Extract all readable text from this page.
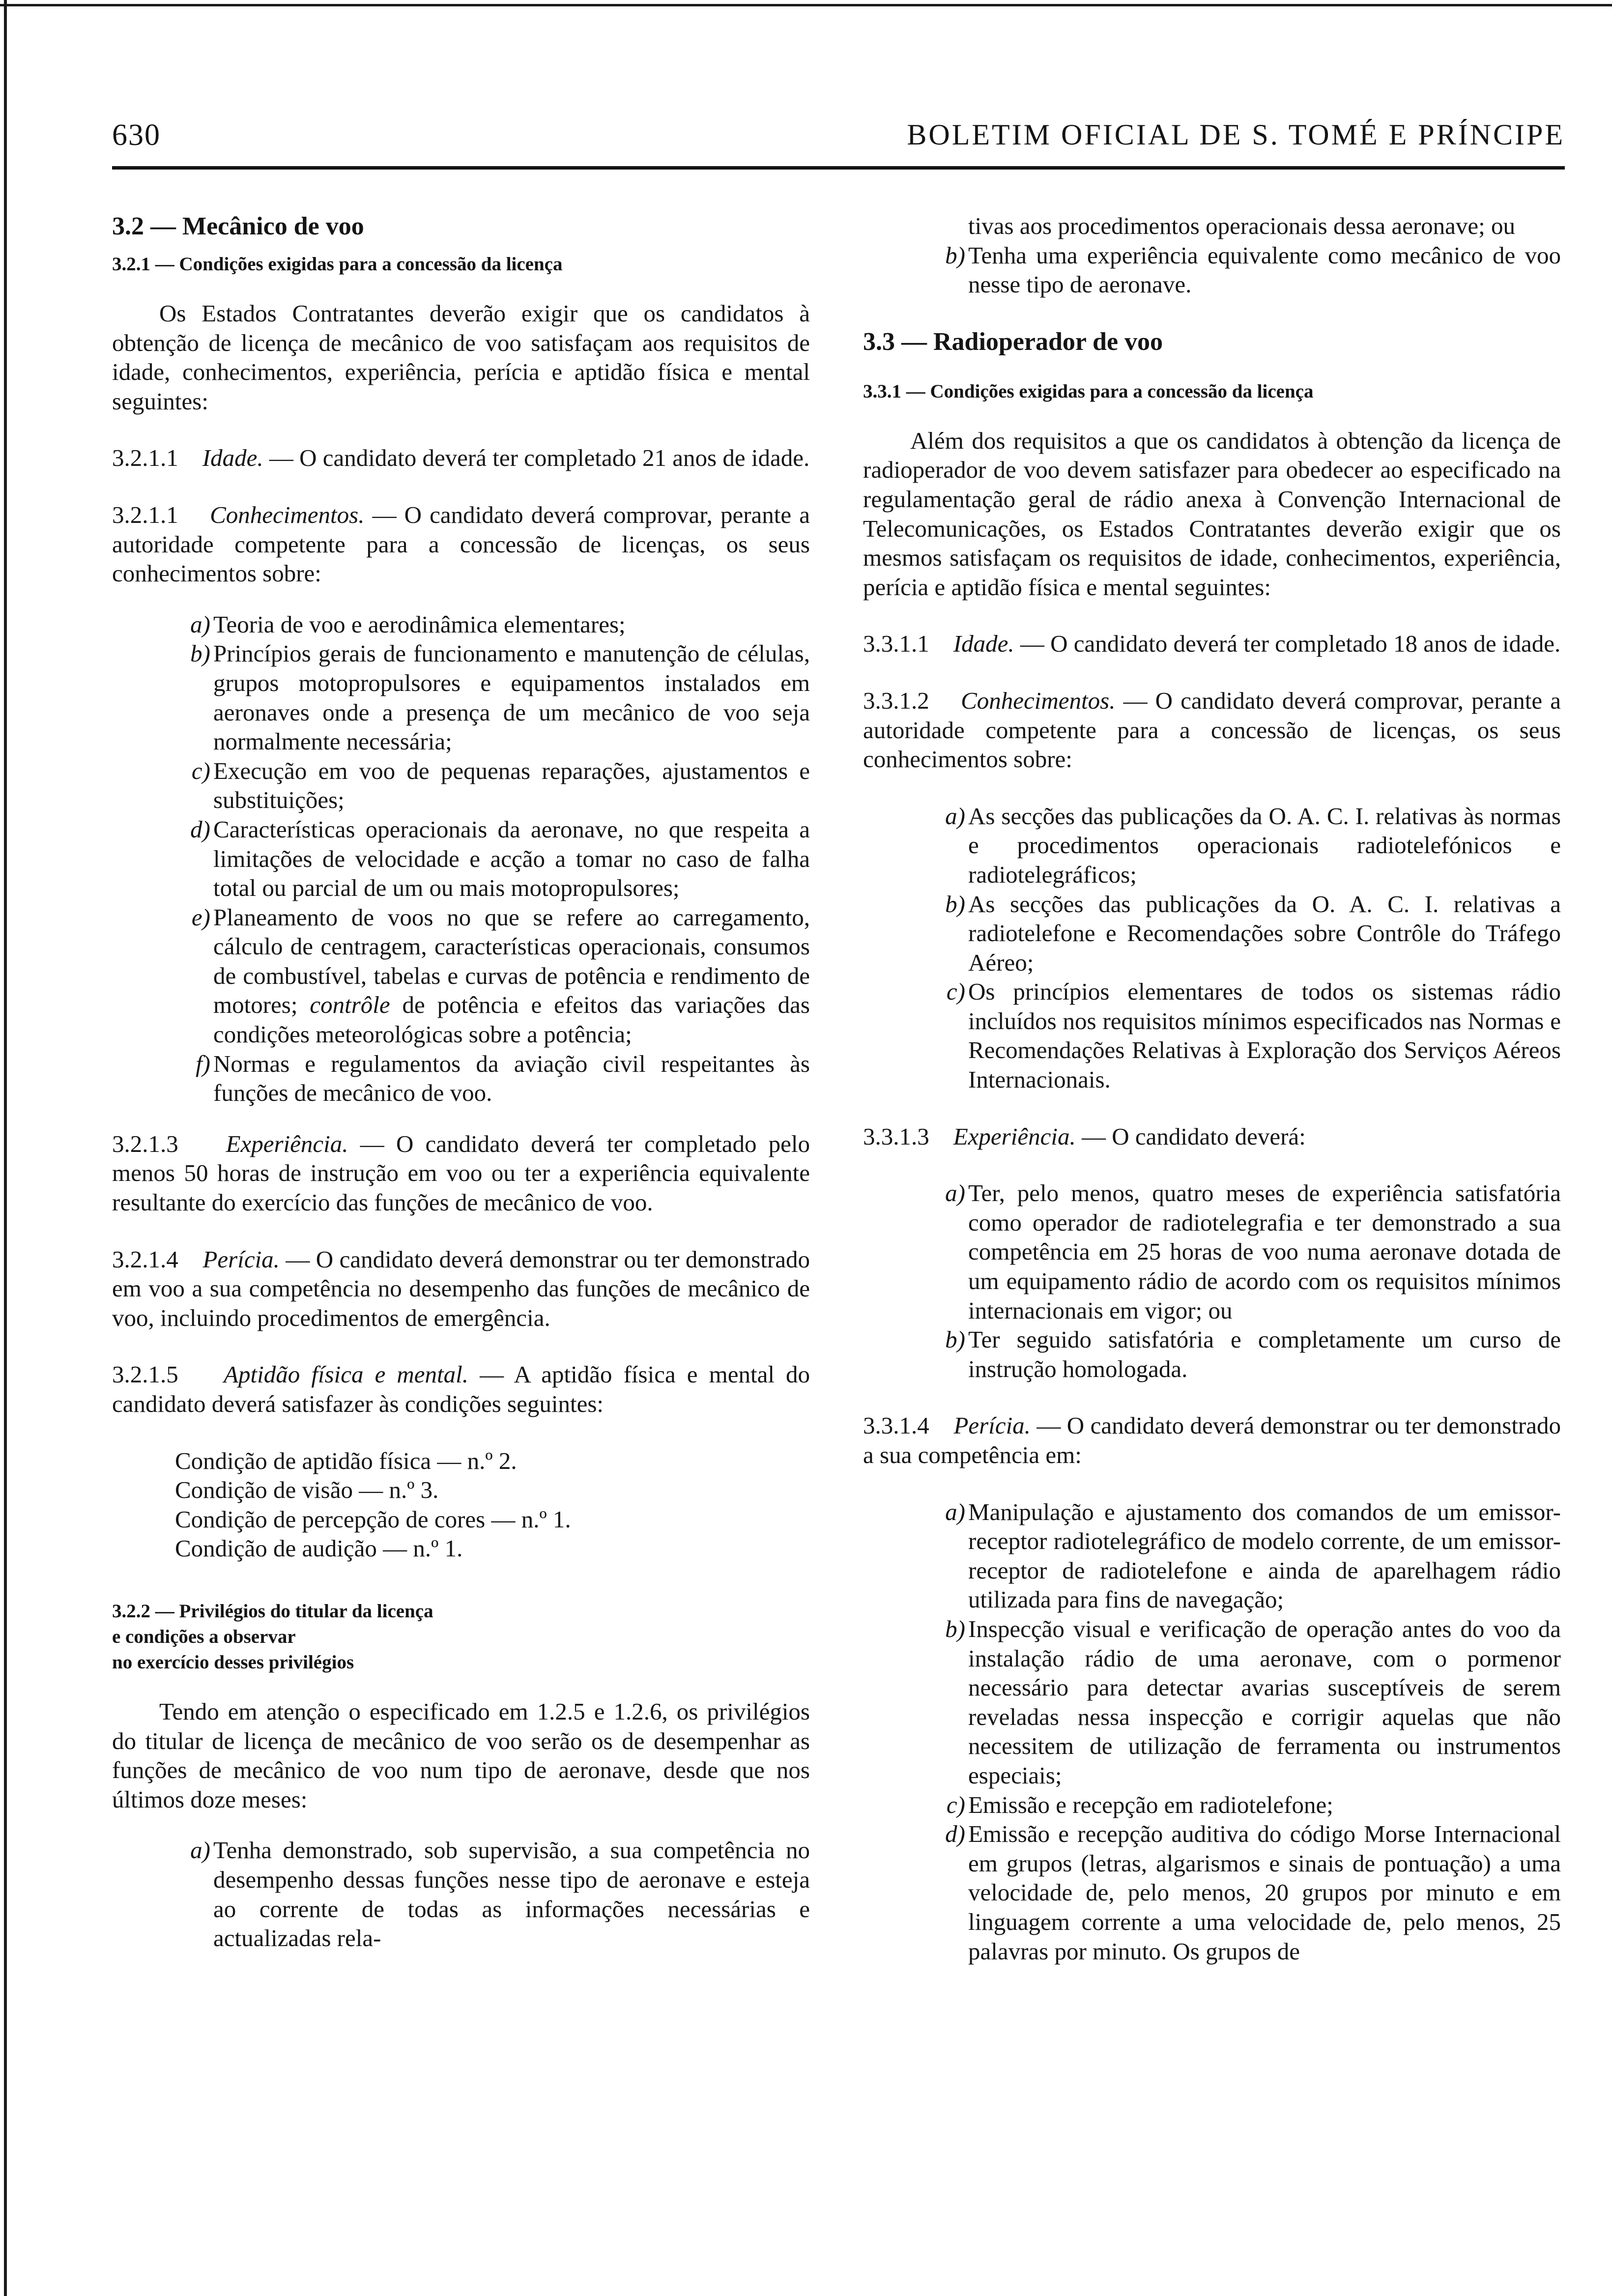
630	BOLETIM OFICIAL DE S. TOMÉ E PRÍNCIPE

3.2 — Mecânico de voo

3.2.1 — Condições exigidas para a concessão da licença

Os Estados Contratantes deverão exigir que os candidatos à obtenção de licença de mecânico de voo satisfaçam aos requisitos de idade, conhecimentos, experiência, perícia e aptidão física e mental seguintes:

3.2.1.1 Idade. — O candidato deverá ter completado 21 anos de idade.

3.2.1.1 Conhecimentos. — O candidato deverá comprovar, perante a autoridade competente para a concessão de licenças, os seus conhecimentos sobre:

a) Teoria de voo e aerodinâmica elementares;
b) Princípios gerais de funcionamento e manutenção de células, grupos motopropulsores e equipamentos instalados em aeronaves onde a presença de um mecânico de voo seja normalmente necessária;
c) Execução em voo de pequenas reparações, ajustamentos e substituições;
d) Características operacionais da aeronave, no que respeita a limitações de velocidade e acção a tomar no caso de falha total ou parcial de um ou mais motopropulsores;
e) Planeamento de voos no que se refere ao carregamento, cálculo de centragem, características operacionais, consumos de combustível, tabelas e curvas de potência e rendimento de motores; contrôle de potência e efeitos das variações das condições meteorológicas sobre a potência;
f) Normas e regulamentos da aviação civil respeitantes às funções de mecânico de voo.

3.2.1.3 Experiência. — O candidato deverá ter completado pelo menos 50 horas de instrução em voo ou ter a experiência equivalente resultante do exercício das funções de mecânico de voo.

3.2.1.4 Perícia. — O candidato deverá demonstrar ou ter demonstrado em voo a sua competência no desempenho das funções de mecânico de voo, incluindo procedimentos de emergência.

3.2.1.5 Aptidão física e mental. — A aptidão física e mental do candidato deverá satisfazer às condições seguintes:

Condição de aptidão física — n.º 2.
Condição de visão — n.º 3.
Condição de percepção de cores — n.º 1.
Condição de audição — n.º 1.

3.2.2 — Privilégios do titular da licença

e condições a observar

no exercício desses privilégios

Tendo em atenção o especificado em 1.2.5 e 1.2.6, os privilégios do titular de licença de mecânico de voo serão os de desempenhar as funções de mecânico de voo num tipo de aeronave, desde que nos últimos doze meses:

a) Tenha demonstrado, sob supervisão, a sua competência no desempenho dessas funções nesse tipo de aeronave e esteja ao corrente de todas as informações necessárias e actualizadas rela-
tivas aos procedimentos operacionais dessa aeronave; ou
b) Tenha uma experiência equivalente como mecânico de voo nesse tipo de aeronave.

3.3 — Radioperador de voo

3.3.1 — Condições exigidas para a concessão da licença

Além dos requisitos a que os candidatos à obtenção da licença de radioperador de voo devem satisfazer para obedecer ao especificado na regulamentação geral de rádio anexa à Convenção Internacional de Telecomunicações, os Estados Contratantes deverão exigir que os mesmos satisfaçam os requisitos de idade, conhecimentos, experiência, perícia e aptidão física e mental seguintes:

3.3.1.1 Idade. — O candidato deverá ter completado 18 anos de idade.

3.3.1.2 Conhecimentos. — O candidato deverá comprovar, perante a autoridade competente para a concessão de licenças, os seus conhecimentos sobre:

a) As secções das publicações da O. A. C. I. relativas às normas e procedimentos operacionais radiotelefónicos e radiotelegráficos;
b) As secções das publicações da O. A. C. I. relativas a radiotelefone e Recomendações sobre Contrôle do Tráfego Aéreo;
c) Os princípios elementares de todos os sistemas rádio incluídos nos requisitos mínimos especificados nas Normas e Recomendações Relativas à Exploração dos Serviços Aéreos Internacionais.

3.3.1.3 Experiência. — O candidato deverá:

a) Ter, pelo menos, quatro meses de experiência satisfatória como operador de radiotelegrafia e ter demonstrado a sua competência em 25 horas de voo numa aeronave dotada de um equipamento rádio de acordo com os requisitos mínimos internacionais em vigor; ou
b) Ter seguido satisfatória e completamente um curso de instrução homologada.

3.3.1.4 Perícia. — O candidato deverá demonstrar ou ter demonstrado a sua competência em:

a) Manipulação e ajustamento dos comandos de um emissor-receptor radiotelegráfico de modelo corrente, de um emissor-receptor de radiotelefone e ainda de aparelhagem rádio utilizada para fins de navegação;
b) Inspecção visual e verificação de operação antes do voo da instalação rádio de uma aeronave, com o pormenor necessário para detectar avarias susceptíveis de serem reveladas nessa inspecção e corrigir aquelas que não necessitem de utilização de ferramenta ou instrumentos especiais;
c) Emissão e recepção em radiotelefone;
d) Emissão e recepção auditiva do código Morse Internacional em grupos (letras, algarismos e sinais de pontuação) a uma velocidade de, pelo menos, 20 grupos por minuto e em linguagem corrente a uma velocidade de, pelo menos, 25 palavras por minuto. Os grupos de
